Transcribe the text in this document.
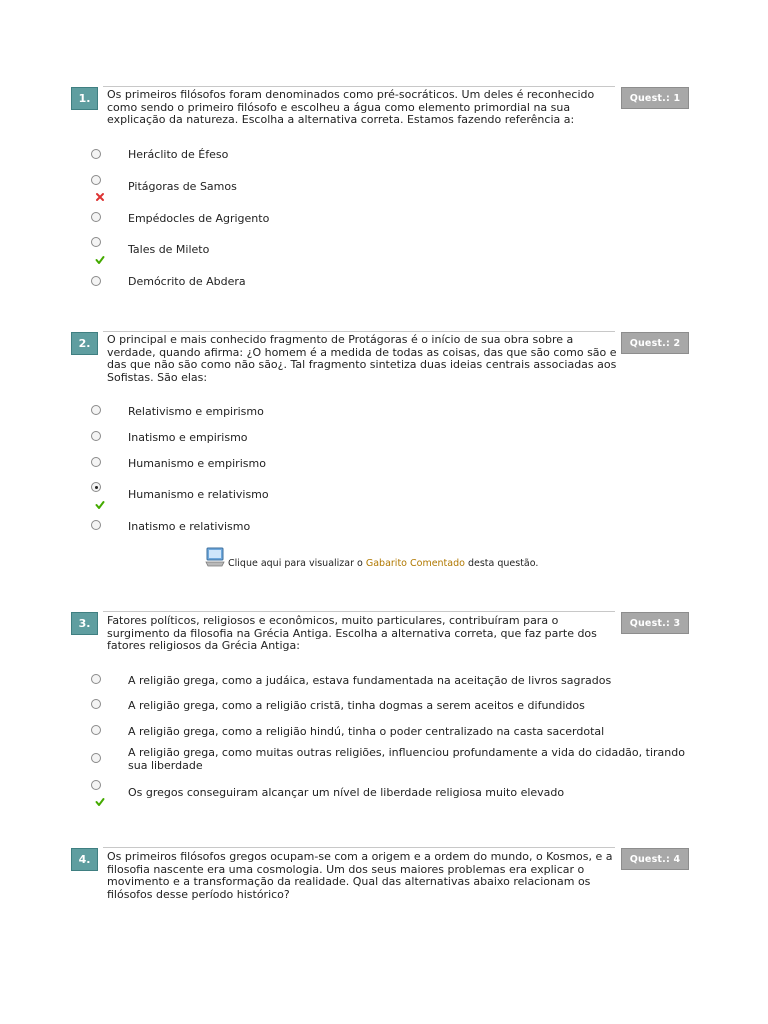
1.	Os primeiros filósofos foram denominados como pré-socráticos. Um deles é reconhecido como sendo o primeiro filósofo e escolheu a água como elemento primordial na sua explicação da natureza. Escolha a alternativa correta. Estamos fazendo referência a:
Quest.: 1
Heráclito de Éfeso
Pitágoras de Samos
Empédocles de Agrigento
Tales de Mileto
Demócrito de Abdera
2.	O principal e mais conhecido fragmento de Protágoras é o início de sua obra sobre a verdade, quando afirma: ¿O homem é a medida de todas as coisas, das que são como são e das que não são como não são¿. Tal fragmento sintetiza duas ideias centrais associadas aos Sofistas. São elas:
Quest.: 2
Relativismo e empirismo
Inatismo e empirismo
Humanismo e empirismo
Humanismo e relativismo
Inatismo e relativismo
Clique aqui para visualizar o Gabarito Comentado desta questão.
3.	Fatores políticos, religiosos e econômicos, muito particulares, contribuíram para o surgimento da filosofia na Grécia Antiga. Escolha a alternativa correta, que faz parte dos fatores religiosos da Grécia Antiga:
Quest.: 3
A religião grega, como a judáica, estava fundamentada na aceitação de livros sagrados
A religião grega, como a religião cristã, tinha dogmas a serem aceitos e difundidos
A religião grega, como a religião hindú, tinha o poder centralizado na casta sacerdotal
A religião grega, como muitas outras religiões, influenciou profundamente a vida do cidadão, tirando sua liberdade
Os gregos conseguiram alcançar um nível de liberdade religiosa muito elevado
4.	Os primeiros filósofos gregos ocupam-se com a origem e a ordem do mundo, o Kosmos, e a filosofia nascente era uma cosmologia. Um dos seus maiores problemas era explicar o movimento e a transformação da realidade. Qual das alternativas abaixo relacionam os filósofos desse período histórico?
Quest.: 4
